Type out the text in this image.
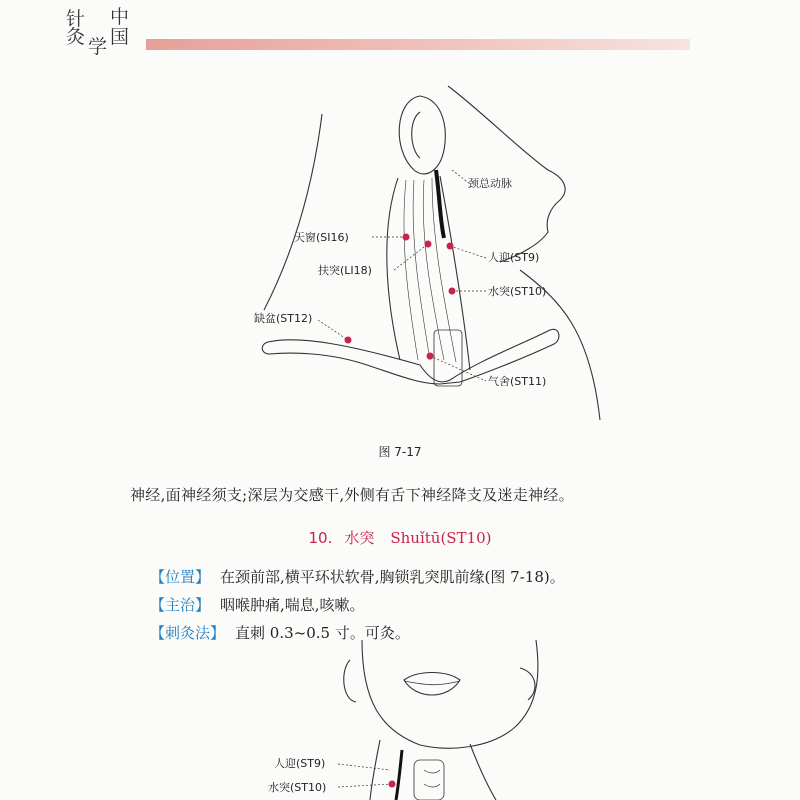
针 中
灸 国
学
颈总动脉
天窗(SI16)
扶突(LI18)
人迎(ST9)
水突(ST10)
缺盆(ST12)
气舍(ST11)
人迎(ST9)
水突(ST10)
图 7-17
神经,面神经须支;深层为交感干,外侧有舌下神经降支及迷走神经。
10. 水突 Shuǐtū(ST10)
【位置】 在颈前部,横平环状软骨,胸锁乳突肌前缘(图 7-18)。
【主治】 咽喉肿痛,喘息,咳嗽。
【刺灸法】 直刺 0.3~0.5 寸。可灸。
